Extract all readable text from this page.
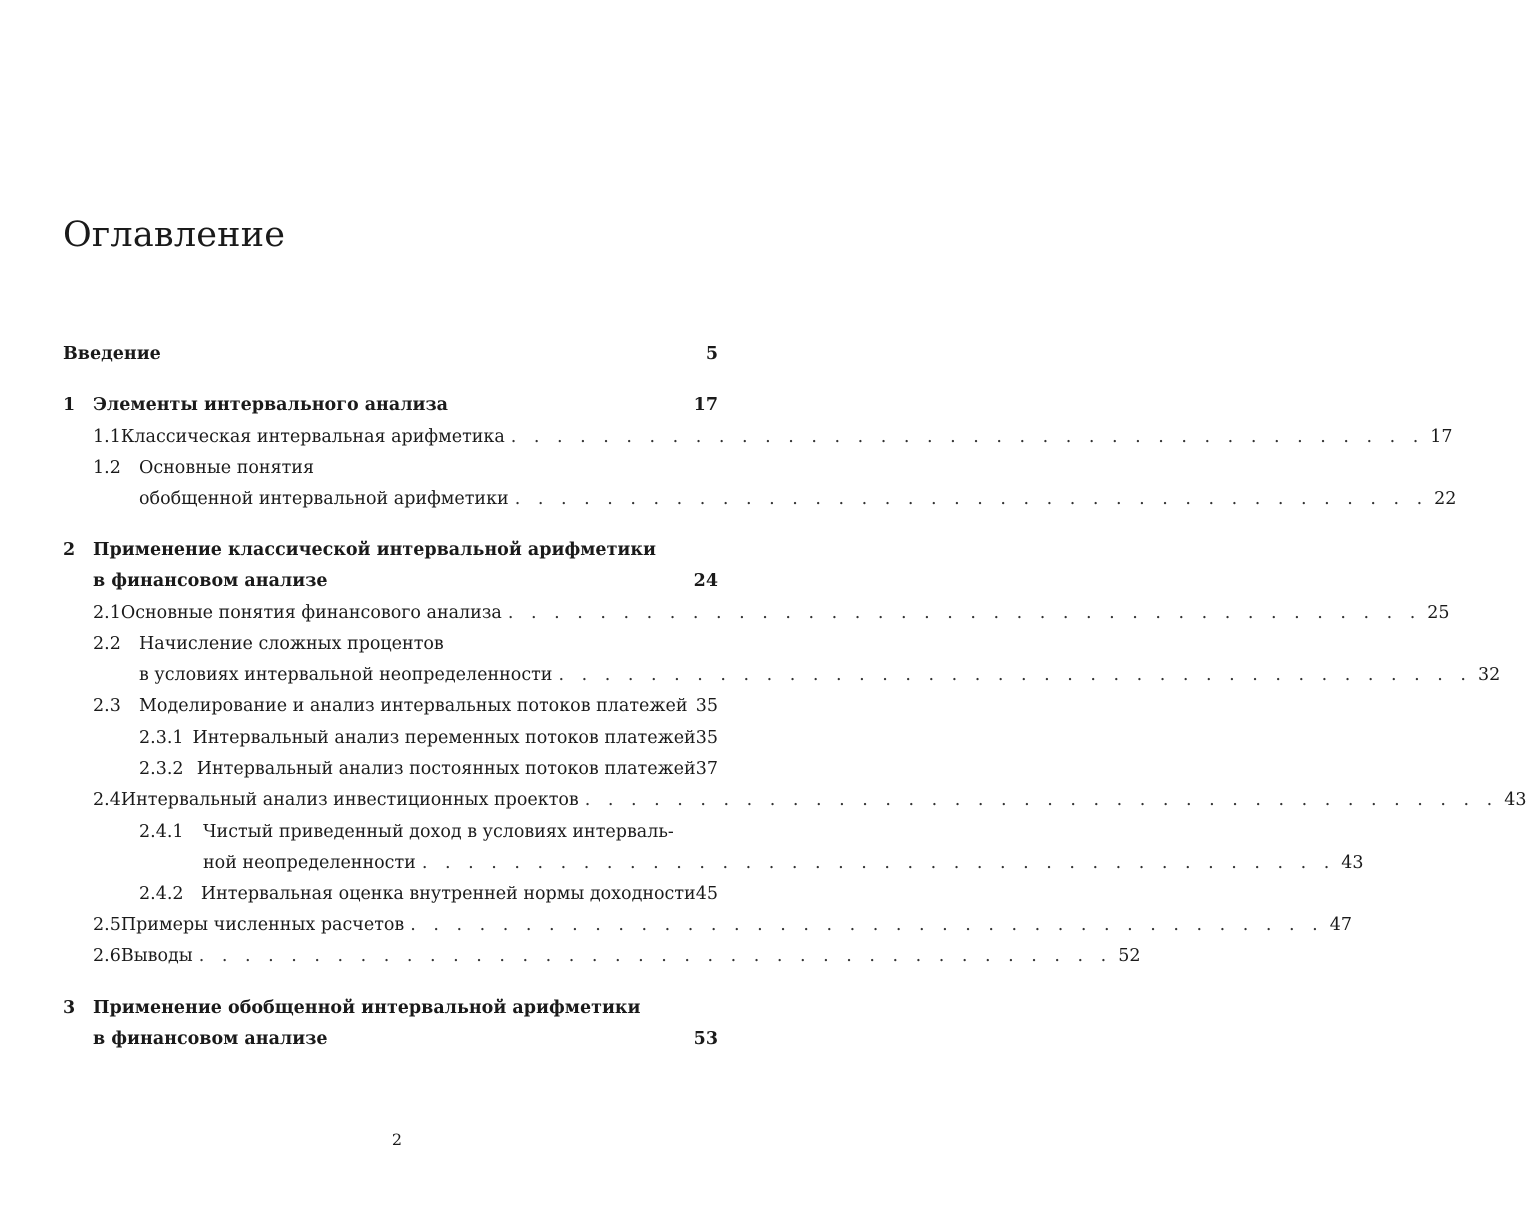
Оглавление
Введение	5
1	Элементы интервального анализа	17
1.1 Классическая интервальная арифметика . . . . . . . . . . . . . . . . . . . . . . . . . . . . . . . . . . . . . . . . 17
1.2	Основные понятия
обобщенной интервальной арифметики . . . . . . . . . . . . . . . . . . . . . . . . . . . . . . . . . . . . . . . . 22
2	Применение классической интервальной арифметики
в финансовом анализе	24
2.1 Основные понятия финансового анализа . . . . . . . . . . . . . . . . . . . . . . . . . . . . . . . . . . . . . . . . 25
2.2	Начисление сложных процентов
в условиях интервальной неопределенности . . . . . . . . . . . . . . . . . . . . . . . . . . . . . . . . . . . . . . . . 32
2.3	Моделирование и анализ интервальных потоков платежей 35
2.3.1 Интервальный анализ переменных потоков платежей 35
2.3.2 Интервальный анализ постоянных потоков платежей 37
2.4 Интервальный анализ инвестиционных проектов . . . . . . . . . . . . . . . . . . . . . . . . . . . . . . . . . . . . . . . . 43
2.4.1	Чистый приведенный доход в условиях интерваль-
ной неопределенности . . . . . . . . . . . . . . . . . . . . . . . . . . . . . . . . . . . . . . . . 43
2.4.2 Интервальная оценка внутренней нормы доходности 45
2.5 Примеры численных расчетов . . . . . . . . . . . . . . . . . . . . . . . . . . . . . . . . . . . . . . . . 47
2.6 Выводы . . . . . . . . . . . . . . . . . . . . . . . . . . . . . . . . . . . . . . . . 52
3	Применение обобщенной интервальной арифметики
в финансовом анализе	53
2
